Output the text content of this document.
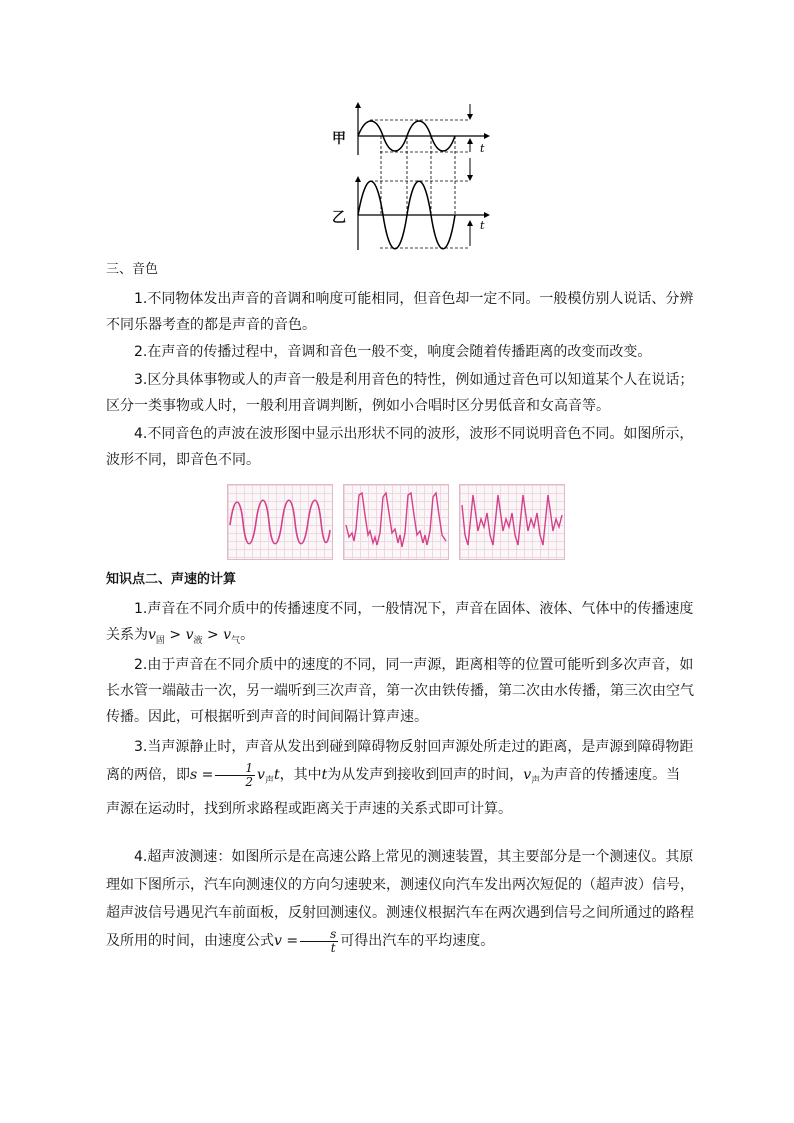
甲
乙
t
t
三、音色
1.不同物体发出声音的音调和响度可能相同，但音色却一定不同。一般模仿别人说话、分辨不同乐器考查的都是声音的音色。
2.在声音的传播过程中，音调和音色一般不变，响度会随着传播距离的改变而改变。
3.区分具体事物或人的声音一般是利用音色的特性，例如通过音色可以知道某个人在说话；区分一类事物或人时，一般利用音调判断，例如小合唱时区分男低音和女高音等。
4.不同音色的声波在波形图中显示出形状不同的波形，波形不同说明音色不同。如图所示，波形不同，即音色不同。
知识点二、声速的计算
1.声音在不同介质中的传播速度不同，一般情况下，声音在固体、液体、气体中的传播速度关系为$v_固 > v_液 > v_气$。
2.由于声音在不同介质中的速度的不同，同一声源，距离相等的位置可能听到多次声音，如长水管一端敲击一次，另一端听到三次声音，第一次由铁传播，第二次由水传播，第三次由空气传播。因此，可根据听到声音的时间间隔计算声速。
3.当声源静止时，声音从发出到碰到障碍物反射回声源处所走过的距离，是声源到障碍物距离的两倍，即$s = \frac{1}{2} v_声t$，其中t为从发声到接收到回声的时间，$v_声$为声音的传播速度。当声源在运动时，找到所求路程或距离关于声速的关系式即可计算。
4.超声波测速：如图所示是在高速公路上常见的测速装置，其主要部分是一个测速仪。其原理如下图所示，汽车向测速仪的方向匀速驶来，测速仪向汽车发出两次短促的（超声波）信号，超声波信号遇见汽车前面板，反射回测速仪。测速仪根据汽车在两次遇到信号之间所通过的路程及所用的时间，由速度公式$v = \frac{s}{t}$ 可得出汽车的平均速度。
